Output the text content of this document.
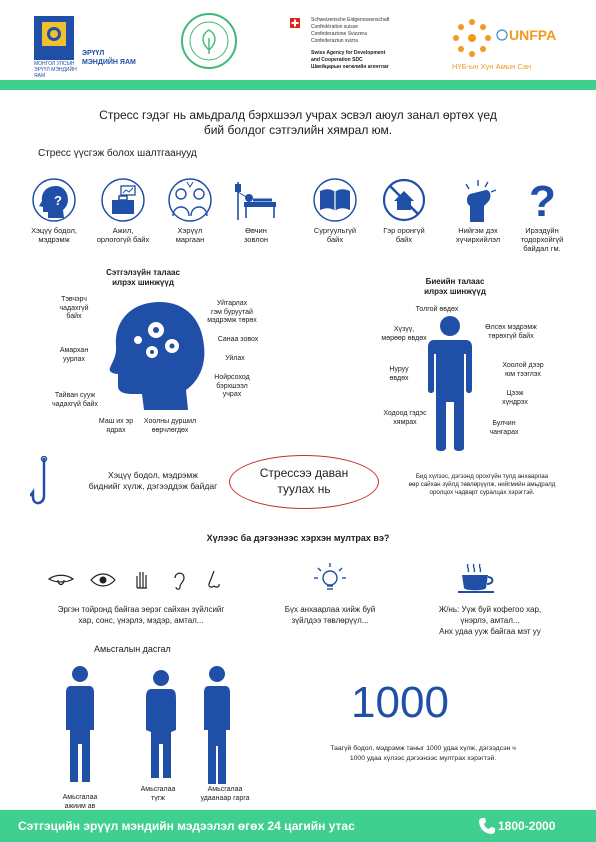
МОНГОЛ УЛСЫН
ЭРҮҮЛ МЭНДИЙН ЯАМ
ЭРҮҮЛ
МЭНДИЙН ЯАМ
Schweizerische Eidgenossenschaft
Confédération suisse
Confederazione Svizzera
Confederaziun svizra
Swiss Agency for Development
and Cooperation SDC
Швейцарын хөгжлийн агентлаг
UNFPA
НҮБ-ын Хүн Амын Сан
Стресс гэдэг нь амьдралд бэрхшээл учрах эсвэл аюул занал өртөх үед
бий болдог сэтгэлийн хямрал юм.
Стресс үүсгэж болох шалтгаанууд
?
Хэцүү бодол,
мэдрэмж
Ажил,
орлогогүй байх
Хэрүүл
маргаан
Өвчин
зовлон
Сургуульгүй
байх
Гэр оронгүй
байх
Нийгэм дэх
хүчирхийлэл
?
Ирээдүйн
тодорхойгүй
байдал гм.
Сэтгэлзүйн талаас
илрэх шинжүүд
Тэвчэрч
чадахгүй
байх
Амархан
уурлах
Тайван сууж
чадахгүй байх
Маш их эр
ядрах
Хоолны дуршил
өөрчлөгдөх
Нойрсоход
бэрхшээл
учрах
Уйлах
Санаа зовох
Уйтарлах
гэм буруутай
мэдрэмж төрөх
Биеийн талаас
илрэх шинжүүд
Толгой өвдөх
Хүзүү,
мөрөөр өвдөх
Нуруу
өвдөх
Ходоод гэдэс
хямрах
Өлсөх мэдрэмж
төрөхгүй байх
Хоолой дээр
юм тээглэх
Цээж
хүндрэх
Булчин
чангарах
Хэцүү бодол, мэдрэмж
биднийг хүлж, дэгээддэж байдаг
Стрессээ даван
туулах нь
Бид хүлээс, дэгээнд орохгүйн тулд анхаарлаа
өөр сайхан зүйлд төвлөрүүлж, нийгмийн амьдралд
оролцох чадварт суралцах хэрэгтэй.
Хүлээс ба дэгээнээс хэрхэн мултрах вэ?
Эргэн тойронд байгаа эерэг сайхан зүйлсийг
хар, сонс, үнэрлэ, мэдэр, амтал...
Бүх анхаарлаа хийж буй
зүйлдээ төвлөрүүл...
Ж/нь: Уүж буй кофегоо хар,
үнэрлэ, амтал...
Анх удаа ууж байгаа мэт уу
Амьсгалын дасгал
Амьсгалаа
ажиим ав
Амьсгалаа
түгж
Амьсгалаа
удаанаар гарга
1000
Таагүй бодол, мэдрэмж таныг 1000 удаа хүлж, дэгээдсэн ч
1000 удаа хүлээс дэгээнээс мултрах хэрэгтэй.
Сэтгэцийн эрүүл мэндийн мэдээлэл өгөх 24 цагийн утас	1800-2000
